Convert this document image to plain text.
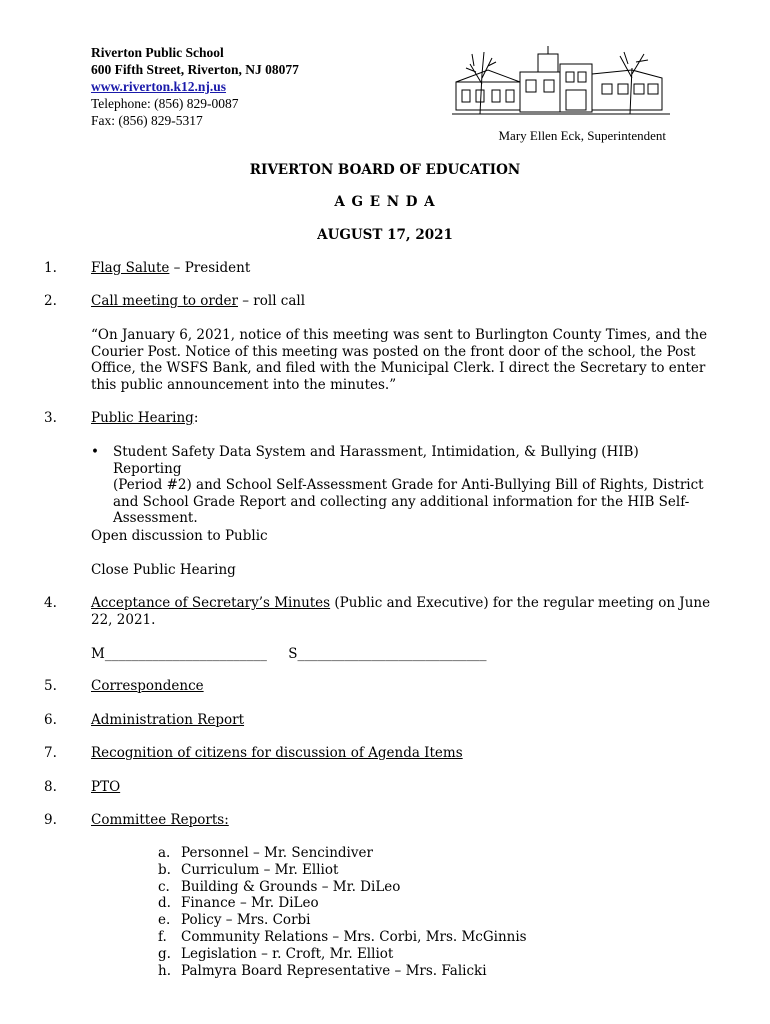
Riverton Public School
600 Fifth Street, Riverton, NJ 08077
www.riverton.k12.nj.us
Telephone: (856) 829-0087
Fax: (856) 829-5317
Mary Ellen Eck, Superintendent
RIVERTON BOARD OF EDUCATION
A G E N D A
AUGUST 17, 2021
1.	Flag Salute – President
2.	Call meeting to order – roll call
“On January 6, 2021, notice of this meeting was sent to Burlington County Times, and the
Courier Post. Notice of this meeting was posted on the front door of the school, the Post
Office, the WSFS Bank, and filed with the Municipal Clerk. I direct the Secretary to enter
this public announcement into the minutes.”
3.	Public Hearing:
• Student Safety Data System and Harassment, Intimidation, & Bullying (HIB) Reporting
(Period #2) and School Self-Assessment Grade for Anti-Bullying Bill of Rights, District
and School Grade Report and collecting any additional information for the HIB Self-
Assessment.
Open discussion to Public
Close Public Hearing
4.	Acceptance of Secretary’s Minutes (Public and Executive) for the regular meeting on June
22, 2021.
M________________________     S____________________________
5.	Correspondence
6.	Administration Report
7.	Recognition of citizens for discussion of Agenda Items
8.	PTO
9.	Committee Reports:
a. Personnel – Mr. Sencindiver
b. Curriculum – Mr. Elliot
c. Building & Grounds – Mr. DiLeo
d. Finance – Mr. DiLeo
e. Policy – Mrs. Corbi
f.	Community Relations – Mrs. Corbi, Mrs. McGinnis
g. Legislation – r. Croft, Mr. Elliot
h. Palmyra Board Representative – Mrs. Falicki
